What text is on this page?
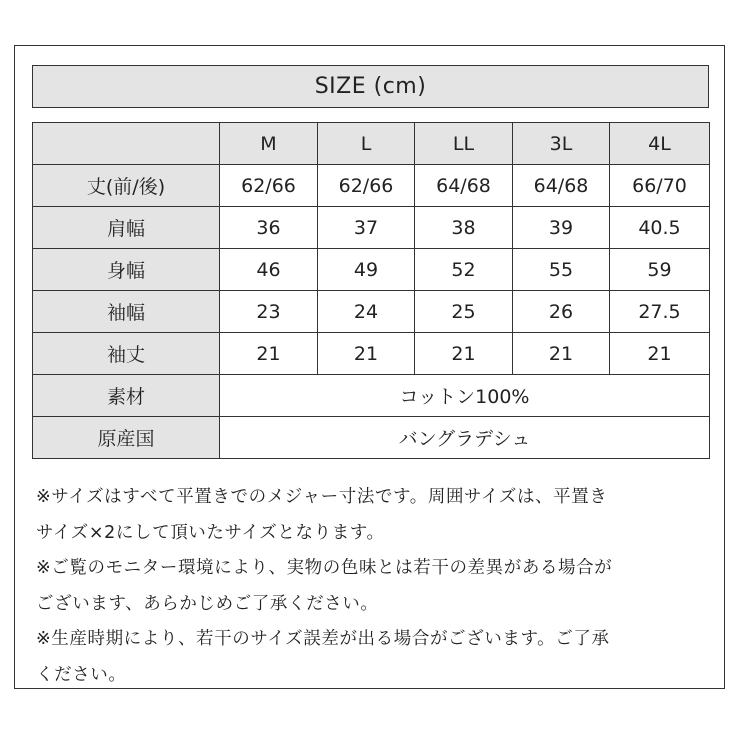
SIZE (cm)
	M	L	LL	3L	4L
丈(前/後)	62/66	62/66	64/68	64/68	66/70
肩幅	36	37	38	39	40.5
身幅	46	49	52	55	59
袖幅	23	24	25	26	27.5
袖丈	21	21	21	21	21
素材	コットン100%				
原産国	バングラデシュ				
※サイズはすべて平置きでのメジャー寸法です。周囲サイズは、平置き
サイズ×2にして頂いたサイズとなります。
※ご覧のモニター環境により、実物の色味とは若干の差異がある場合が
ございます、あらかじめご了承ください。
※生産時期により、若干のサイズ誤差が出る場合がございます。ご了承
ください。
